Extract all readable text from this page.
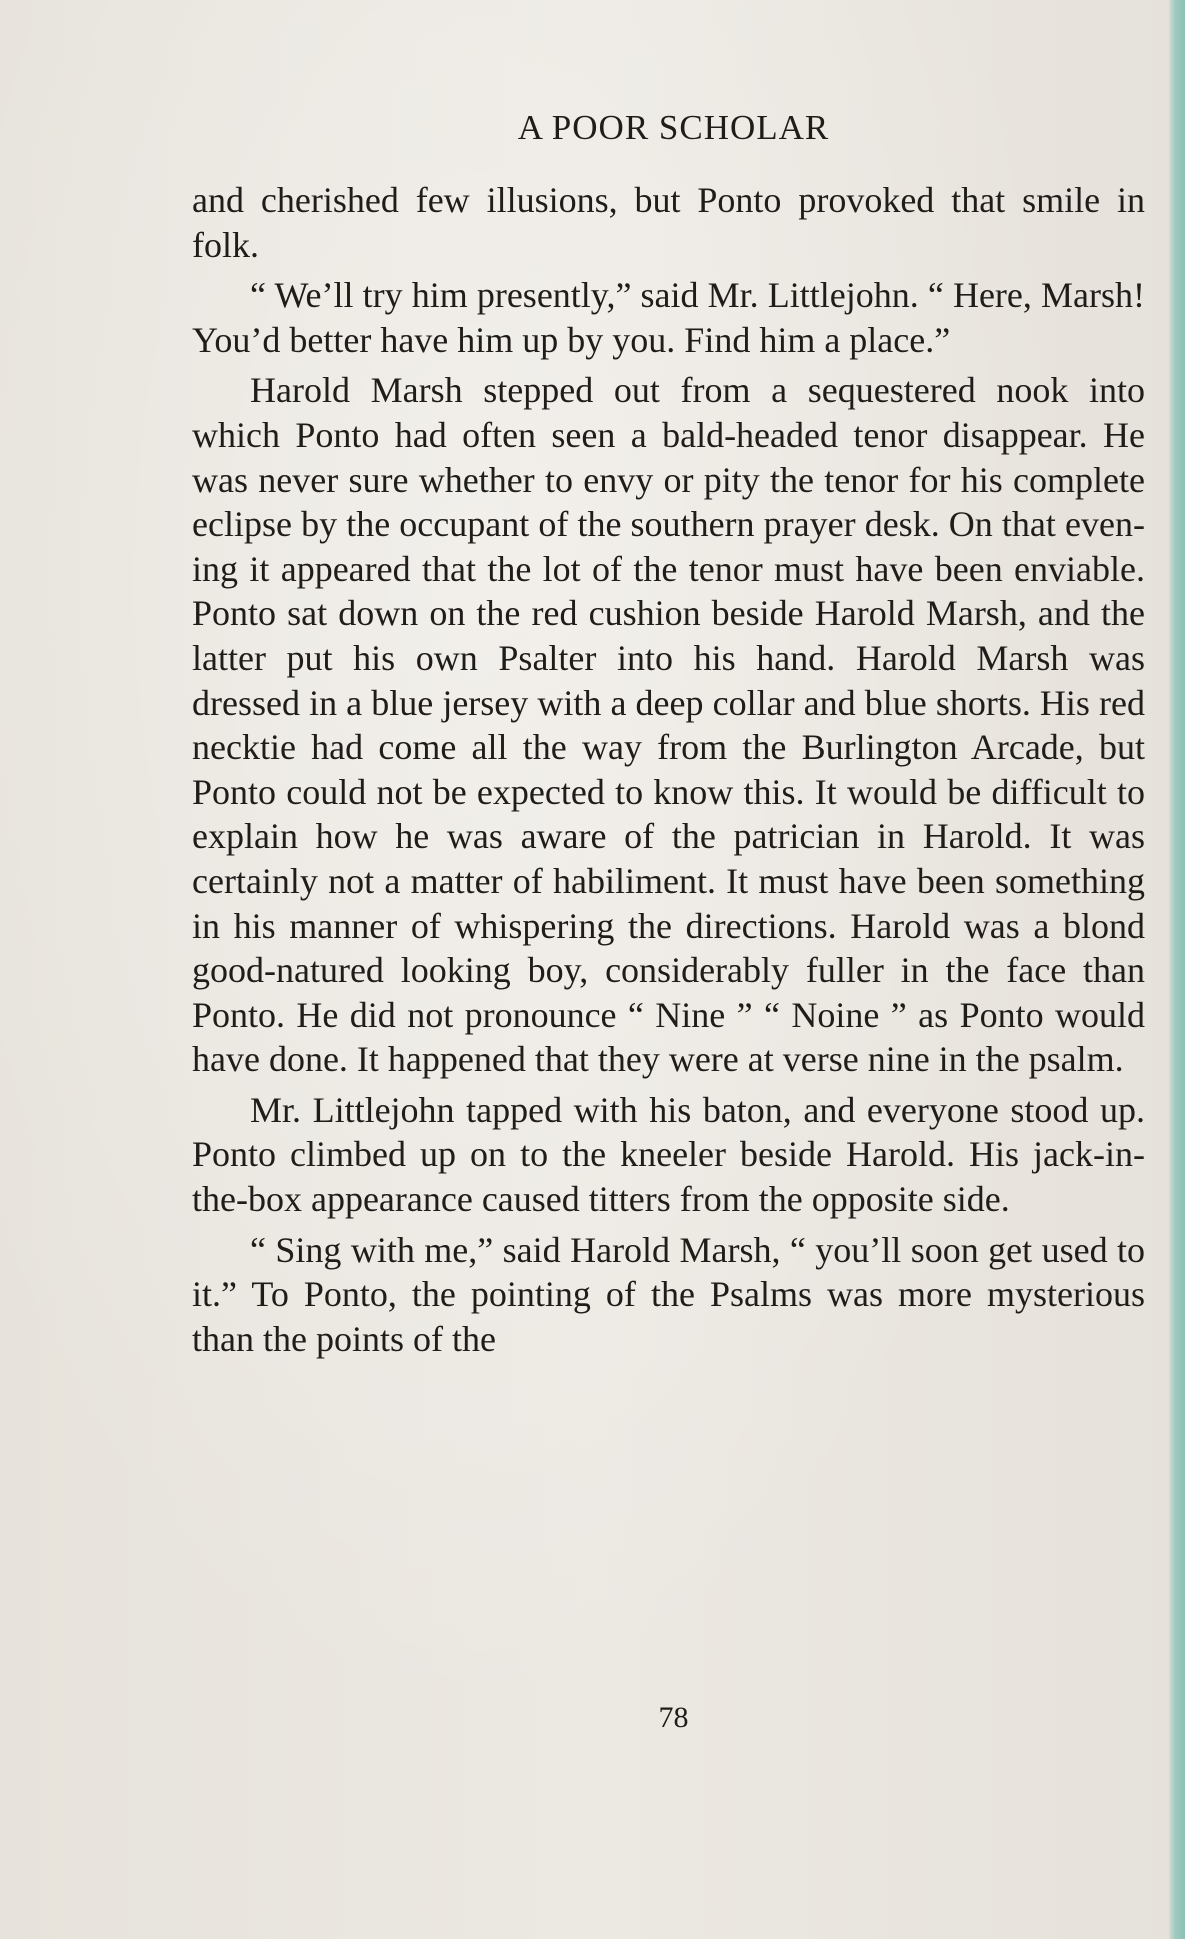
A POOR SCHOLAR

and cherished few illusions, but Ponto provoked that smile in folk.

“ We’ll try him presently,” said Mr. Littlejohn. “ Here, Marsh! You’d better have him up by you. Find him a place.”

Harold Marsh stepped out from a sequestered nook into which Ponto had often seen a bald-headed tenor disappear. He was never sure whether to envy or pity the tenor for his complete eclipse by the occupant of the southern prayer desk. On that evening it appeared that the lot of the tenor must have been enviable. Ponto sat down on the red cushion beside Harold Marsh, and the latter put his own Psalter into his hand. Harold Marsh was dressed in a blue jersey with a deep collar and blue shorts. His red necktie had come all the way from the Burlington Arcade, but Ponto could not be expected to know this. It would be difficult to explain how he was aware of the patrician in Harold. It was certainly not a matter of habiliment. It must have been something in his manner of whispering the directions. Harold was a blond good-natured looking boy, considerably fuller in the face than Ponto. He did not pronounce “ Nine ” “ Noine ” as Ponto would have done. It happened that they were at verse nine in the psalm.

Mr. Littlejohn tapped with his baton, and everyone stood up. Ponto climbed up on to the kneeler beside Harold. His jack-in-the-box appearance caused titters from the opposite side.

“ Sing with me,” said Harold Marsh, “ you’ll soon get used to it.” To Ponto, the pointing of the Psalms was more mysterious than the points of the

78
